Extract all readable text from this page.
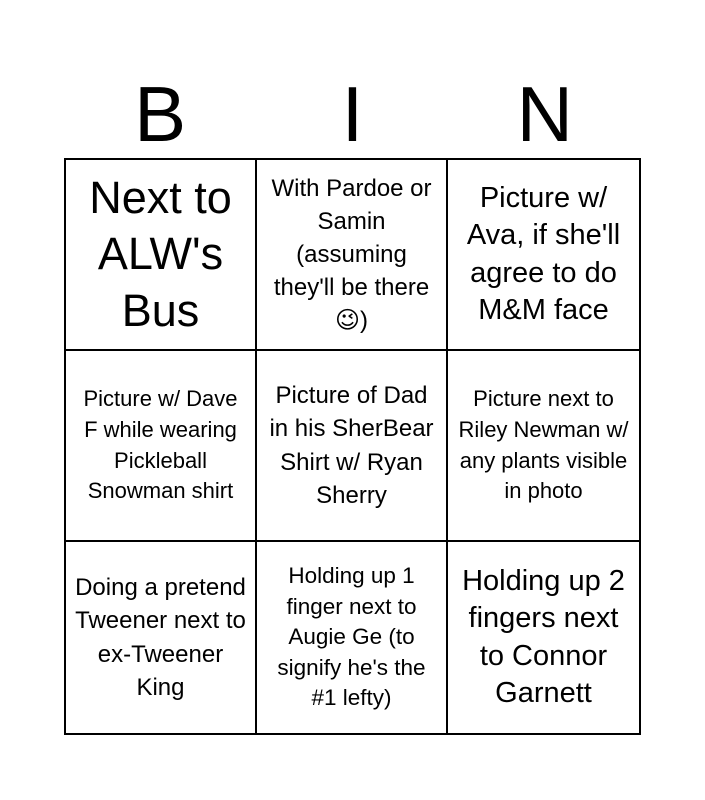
B	I	N
Next to ALW's Bus
With Pardoe or Samin (assuming they'll be there 😉)
Picture w/ Ava, if she'll agree to do M&M face
Picture w/ Dave F while wearing Pickleball Snowman shirt
Picture of Dad in his SherBear Shirt w/ Ryan Sherry
Picture next to Riley Newman w/ any plants visible in photo
Doing a pretend Tweener next to ex-Tweener King
Holding up 1 finger next to Augie Ge (to signify he's the #1 lefty)
Holding up 2 fingers next to Connor Garnett
